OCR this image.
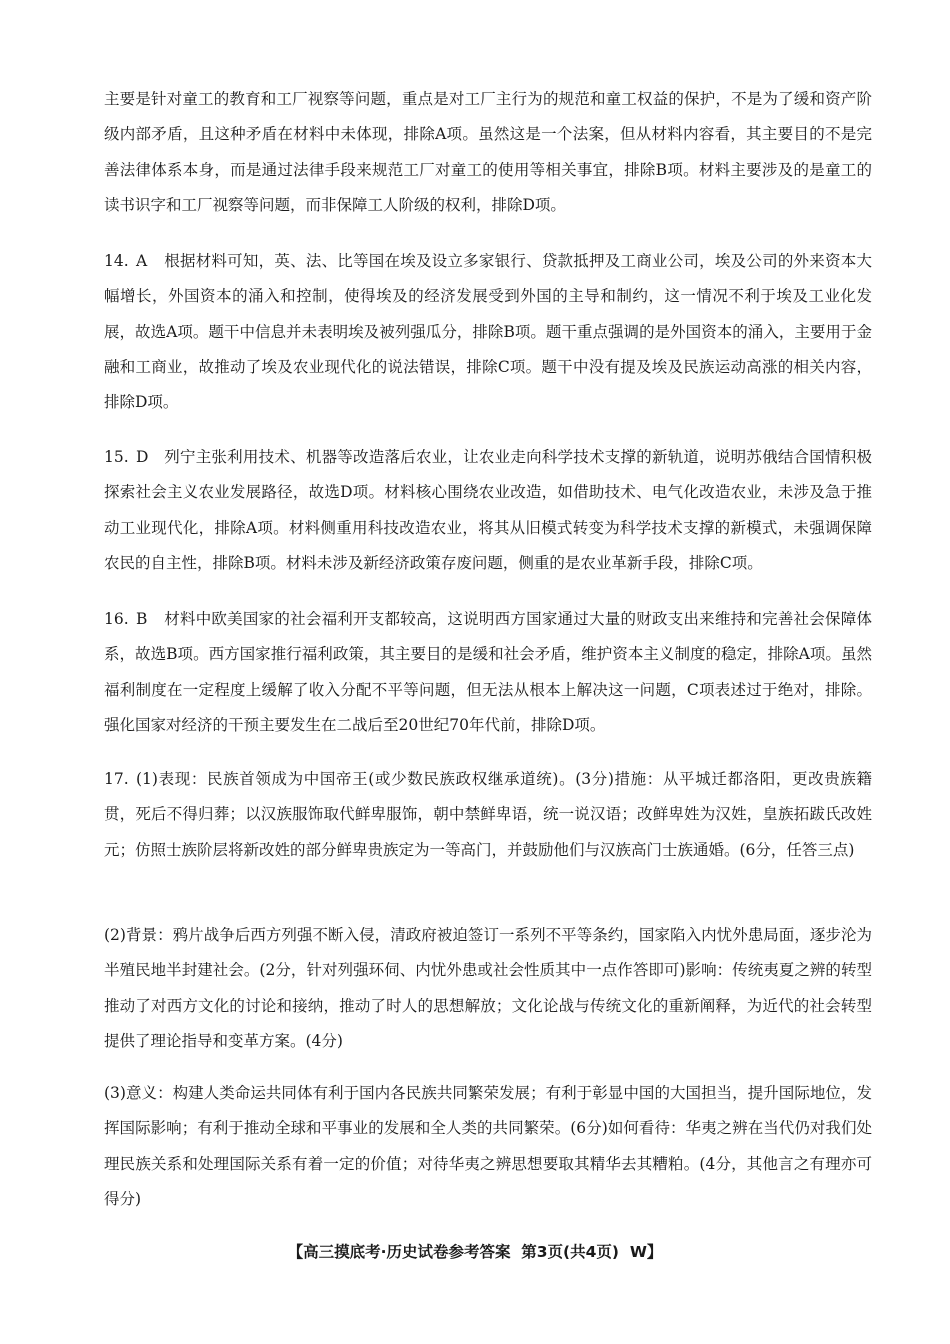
主要是针对童工的教育和工厂视察等问题，重点是对工厂主行为的规范和童工权益的保护，不是为了缓和资产阶级内部矛盾，且这种矛盾在材料中未体现，排除A项。虽然这是一个法案，但从材料内容看，其主要目的不是完善法律体系本身，而是通过法律手段来规范工厂对童工的使用等相关事宜，排除B项。材料主要涉及的是童工的读书识字和工厂视察等问题，而非保障工人阶级的权利，排除D项。

14. A 根据材料可知，英、法、比等国在埃及设立多家银行、贷款抵押及工商业公司，埃及公司的外来资本大幅增长，外国资本的涌入和控制，使得埃及的经济发展受到外国的主导和制约，这一情况不利于埃及工业化发展，故选A项。题干中信息并未表明埃及被列强瓜分，排除B项。题干重点强调的是外国资本的涌入，主要用于金融和工商业，故推动了埃及农业现代化的说法错误，排除C项。题干中没有提及埃及民族运动高涨的相关内容，排除D项。
15. D 列宁主张利用技术、机器等改造落后农业，让农业走向科学技术支撑的新轨道，说明苏俄结合国情积极探索社会主义农业发展路径，故选D项。材料核心围绕农业改造，如借助技术、电气化改造农业，未涉及急于推动工业现代化，排除A项。材料侧重用科技改造农业，将其从旧模式转变为科学技术支撑的新模式，未强调保障农民的自主性，排除B项。材料未涉及新经济政策存废问题，侧重的是农业革新手段，排除C项。
16. B 材料中欧美国家的社会福利开支都较高，这说明西方国家通过大量的财政支出来维持和完善社会保障体系，故选B项。西方国家推行福利政策，其主要目的是缓和社会矛盾，维护资本主义制度的稳定，排除A项。虽然福利制度在一定程度上缓解了收入分配不平等问题，但无法从根本上解决这一问题，C项表述过于绝对，排除。强化国家对经济的干预主要发生在二战后至20世纪70年代前，排除D项。
17. (1)表现：民族首领成为中国帝王(或少数民族政权继承道统)。(3分)措施：从平城迁都洛阳，更改贵族籍贯，死后不得归葬；以汉族服饰取代鲜卑服饰，朝中禁鲜卑语，统一说汉语；改鲜卑姓为汉姓，皇族拓跋氏改姓元；仿照士族阶层将新改姓的部分鲜卑贵族定为一等高门，并鼓励他们与汉族高门士族通婚。(6分，任答三点)

(2)背景：鸦片战争后西方列强不断入侵，清政府被迫签订一系列不平等条约，国家陷入内忧外患局面，逐步沦为半殖民地半封建社会。(2分，针对列强环伺、内忧外患或社会性质其中一点作答即可)影响：传统夷夏之辨的转型推动了对西方文化的讨论和接纳，推动了时人的思想解放；文化论战与传统文化的重新阐释，为近代的社会转型提供了理论指导和变革方案。(4分)

(3)意义：构建人类命运共同体有利于国内各民族共同繁荣发展；有利于彰显中国的大国担当，提升国际地位，发挥国际影响；有利于推动全球和平事业的发展和全人类的共同繁荣。(6分)如何看待：华夷之辨在当代仍对我们处理民族关系和处理国际关系有着一定的价值；对待华夷之辨思想要取其精华去其糟粕。(4分，其他言之有理亦可得分)

【高三摸底考·历史试卷参考答案 第3页(共4页) W】
